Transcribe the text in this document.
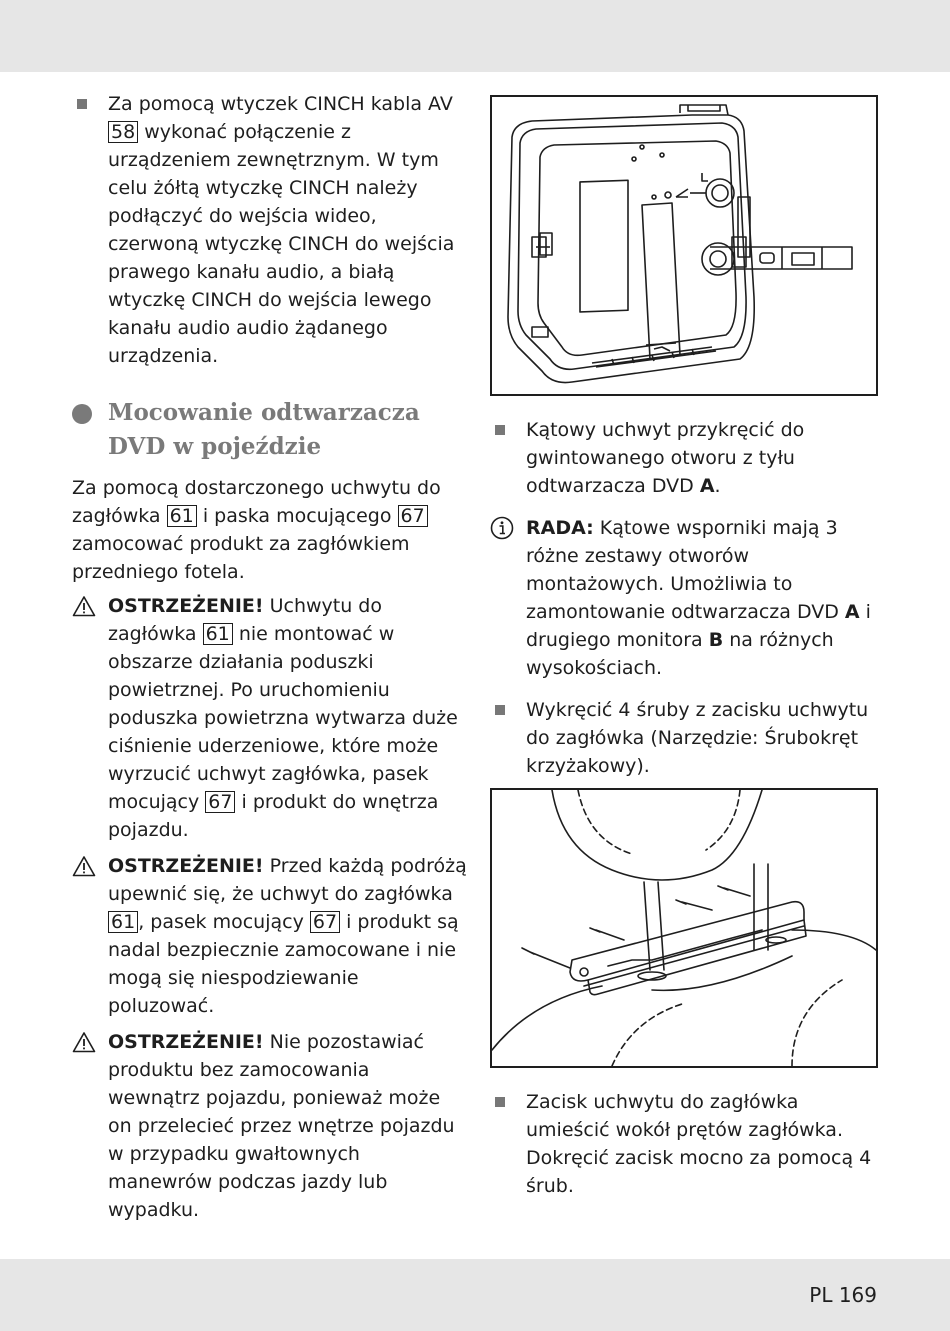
Za pomocą wtyczek CINCH kabla AV
58 wykonać połączenie z urządzeniem zewnętrznym. W tym celu żółtą wtyczkę CINCH należy podłączyć do wejścia wideo, czerwoną wtyczkę CINCH do wejścia prawego kanału audio, a białą wtyczkę CINCH do wejścia lewego kanału audio audio żądanego urządzenia.

Mocowanie odtwarzacza DVD w pojeździe

Za pomocą dostarczonego uchwytu do zagłówka 61 i paska mocującego 67 zamocować produkt za zagłówkiem przedniego fotela.

OSTRZEŻENIE! Uchwytu do zagłówka 61 nie montować w obszarze działania poduszki powietrznej. Po uruchomieniu poduszka powietrzna wytwarza duże ciśnienie uderzeniowe, które może wyrzucić uchwyt zagłówka, pasek mocujący 67 i produkt do wnętrza pojazdu.

OSTRZEŻENIE! Przed każdą podróżą upewnić się, że uchwyt do zagłówka 61 , pasek mocujący 67 i produkt są nadal bezpiecznie zamocowane i nie mogą się niespodziewanie poluzować.

OSTRZEŻENIE! Nie pozostawiać produktu bez zamocowania wewnątrz pojazdu, ponieważ może on przelecieć przez wnętrze pojazdu w przypadku gwałtownych manewrów podczas jazdy lub wypadku.

Kątowy uchwyt przykręcić do gwintowanego otworu z tyłu odtwarzacza DVD A.

RADA: Kątowe wsporniki mają 3 różne zestawy otworów montażowych. Umożliwia to zamontowanie odtwarzacza DVD A i drugiego monitora B na różnych wysokościach.

Wykręcić 4 śruby z zacisku uchwytu do zagłówka (Narzędzie: Śrubokręt krzyżakowy).

Zacisk uchwytu do zagłówka umieścić wokół prętów zagłówka. Dokręcić zacisk mocno za pomocą 4 śrub.

PL 169
